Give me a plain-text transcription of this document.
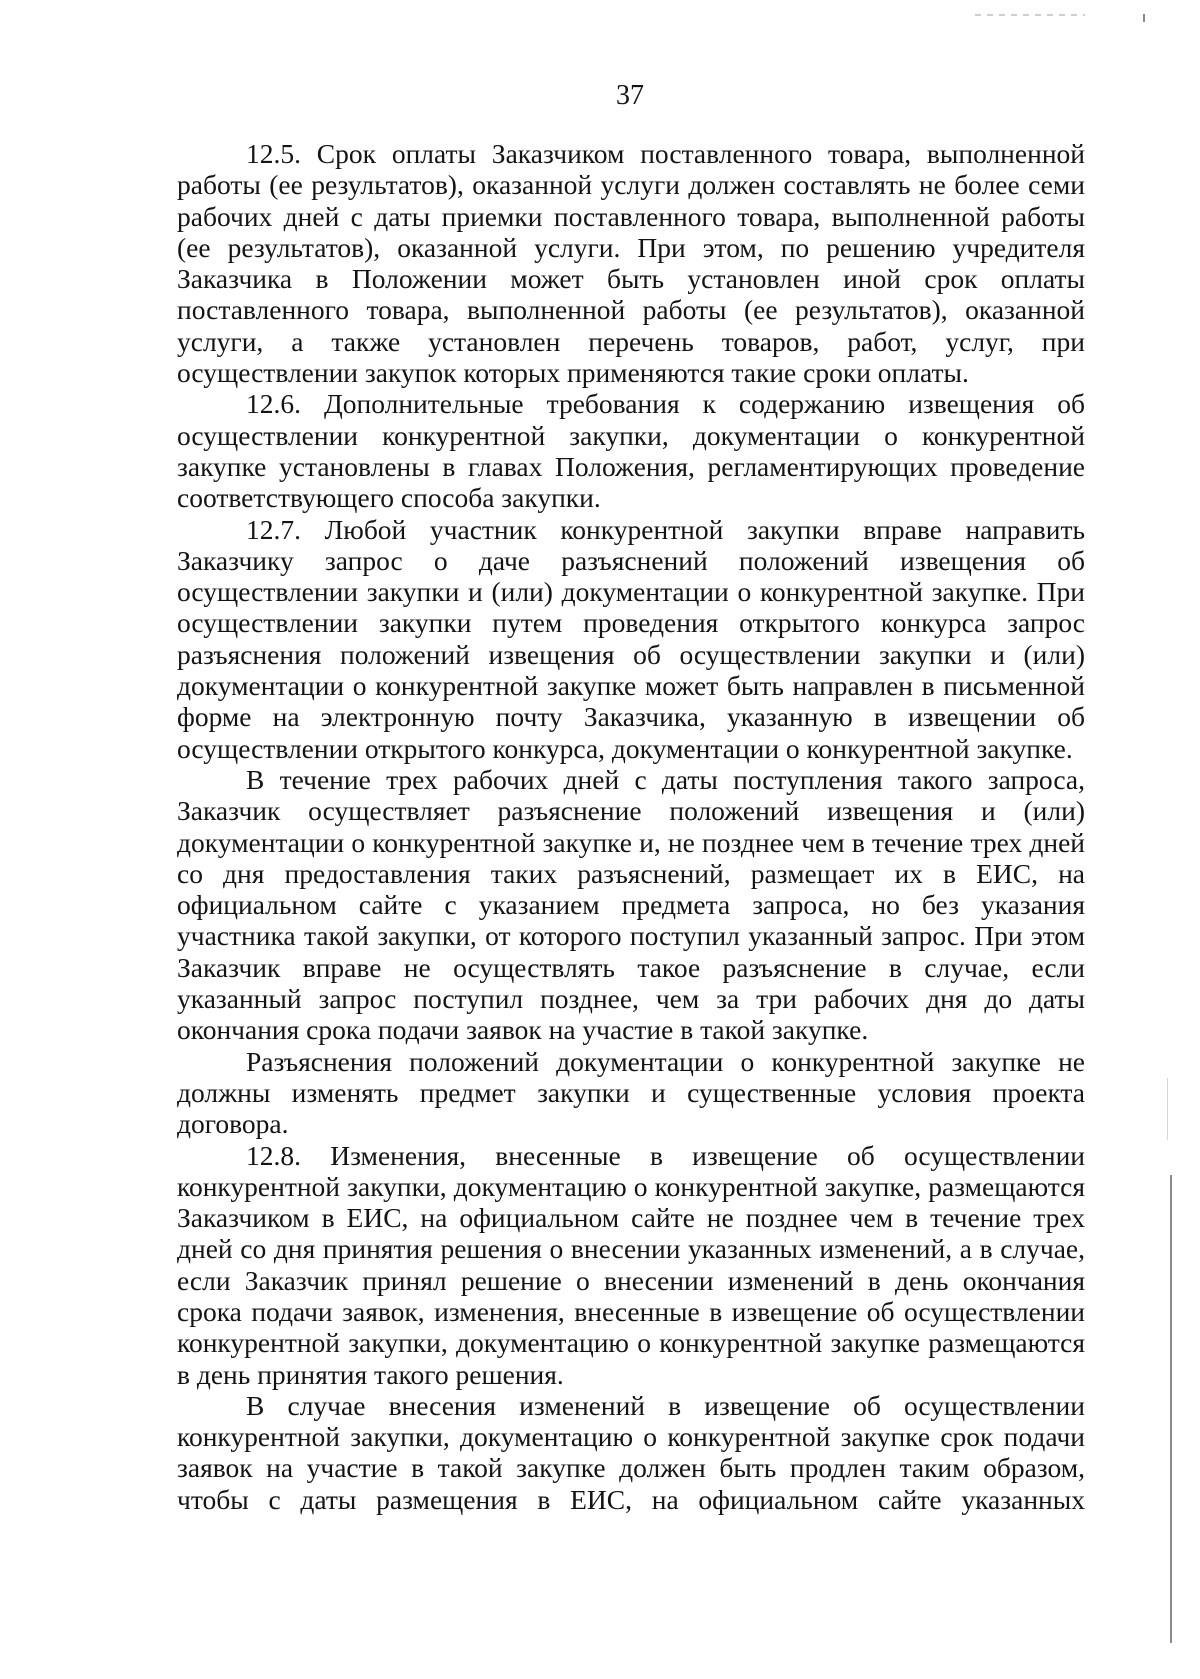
37

12.5. Срок оплаты Заказчиком поставленного товара, выполненной работы (ее результатов), оказанной услуги должен составлять не более семи рабочих дней с даты приемки поставленного товара, выполненной работы (ее результатов), оказанной услуги. При этом, по решению учредителя Заказчика в Положении может быть установлен иной срок оплаты поставленного товара, выполненной работы (ее результатов), оказанной услуги, а также установлен перечень товаров, работ, услуг, при осуществлении закупок которых применяются такие сроки оплаты.

12.6. Дополнительные требования к содержанию извещения об осуществлении конкурентной закупки, документации о конкурентной закупке установлены в главах Положения, регламентирующих проведение соответствующего способа закупки.

12.7. Любой участник конкурентной закупки вправе направить Заказчику запрос о даче разъяснений положений извещения об осуществлении закупки и (или) документации о конкурентной закупке. При осуществлении закупки путем проведения открытого конкурса запрос разъяснения положений извещения об осуществлении закупки и (или) документации о конкурентной закупке может быть направлен в письменной форме на электронную почту Заказчика, указанную в извещении об осуществлении открытого конкурса, документации о конкурентной закупке.

В течение трех рабочих дней с даты поступления такого запроса, Заказчик осуществляет разъяснение положений извещения и (или) документации о конкурентной закупке и, не позднее чем в течение трех дней со дня предоставления таких разъяснений, размещает их в ЕИС, на официальном сайте с указанием предмета запроса, но без указания участника такой закупки, от которого поступил указанный запрос. При этом Заказчик вправе не осуществлять такое разъяснение в случае, если указанный запрос поступил позднее, чем за три рабочих дня до даты окончания срока подачи заявок на участие в такой закупке.

Разъяснения положений документации о конкурентной закупке не должны изменять предмет закупки и существенные условия проекта договора.

12.8. Изменения, внесенные в извещение об осуществлении конкурентной закупки, документацию о конкурентной закупке, размещаются Заказчиком в ЕИС, на официальном сайте не позднее чем в течение трех дней со дня принятия решения о внесении указанных изменений, а в случае, если Заказчик принял решение о внесении изменений в день окончания срока подачи заявок, изменения, внесенные в извещение об осуществлении конкурентной закупки, документацию о конкурентной закупке размещаются в день принятия такого решения.

В случае внесения изменений в извещение об осуществлении конкурентной закупки, документацию о конкурентной закупке срок подачи заявок на участие в такой закупке должен быть продлен таким образом, чтобы с даты размещения в ЕИС, на официальном сайте указанных
